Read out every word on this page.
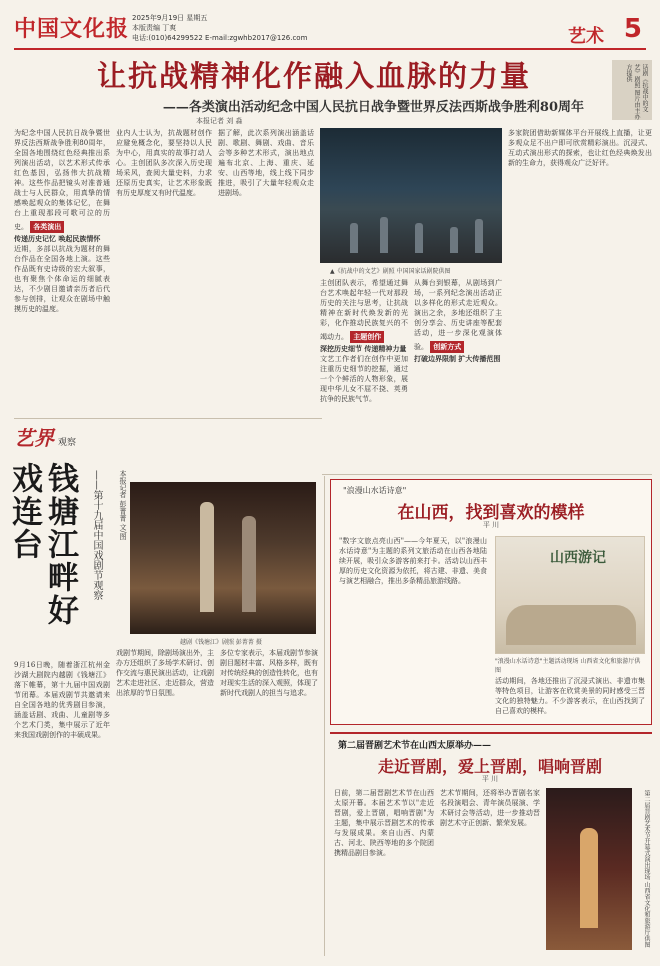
中国文化报 2025年9月19日 星期五
本版责编 丁爽
电话:(010)64299522 E-mail:zgwhb2017@126.com	艺术 5
让抗战精神化作融入血脉的力量
——各类演出活动纪念中国人民抗日战争暨世界反法西斯战争胜利80周年
本报记者 刘 淼
话剧《抗战中的文艺》剧照 图片由主办方提供
为纪念中国人民抗日战争暨世界反法西斯战争胜利80周年，全国各地围绕红色经典推出系列演出活动，以艺术形式传承红色基因，弘扬伟大抗战精神。这些作品把镜头对准普通战士与人民群众，用真挚的情感唤起观众的集体记忆，在舞台上重现那段可歌可泣的历史。 各类演出
传递历史记忆 唤起民族情怀
近期，多部以抗战为题材的舞台作品在全国各地上演。这些作品既有史诗级的宏大叙事，也有聚焦个体命运的细腻表达，不少剧目邀请亲历者后代参与创排，让观众在剧场中触摸历史的温度。
业内人士认为，抗战题材创作应避免概念化，要坚持以人民为中心，用真实的故事打动人心。主创团队多次深入历史现场采风，查阅大量史料，力求还原历史真实，让艺术形象既有历史厚度又有时代温度。
据了解，此次系列演出涵盖话剧、歌剧、舞剧、戏曲、音乐会等多种艺术形式，演出地点遍布北京、上海、重庆、延安、山西等地，线上线下同步推进，吸引了大量年轻观众走进剧场。
▲《抗战中的文艺》剧照 中国国家话剧院供图
主创团队表示，希望通过舞台艺术唤起年轻一代对那段历史的关注与思考，让抗战精神在新时代焕发新的光彩，化作推动民族复兴的不竭动力。 主题创作
深挖历史细节 传递精神力量
文艺工作者们在创作中更加注重历史细节的挖掘，通过一个个鲜活的人物形象，展现中华儿女不屈不挠、英勇抗争的民族气节。
从舞台到银幕，从剧场到广场，一系列纪念演出活动正以多样化的形式走近观众。演出之余，多地还组织了主创分享会、历史讲座等配套活动，进一步深化观演体验。 创新方式
打破边界限制 扩大传播范围
多家院团借助新媒体平台开展线上直播，让更多观众足不出户即可欣赏精彩演出。沉浸式、互动式演出形式的探索，也让红色经典焕发出新的生命力，获得观众广泛好评。
艺界 观察
钱塘江畔好戏连台	——第十九届中国戏剧节观察	本报记者 彭菁菁 文/图
越剧《钱塘江》剧照 彭菁菁 摄
9月16日晚，随着浙江杭州金沙湖大剧院内越剧《钱塘江》落下帷幕，第十九届中国戏剧节闭幕。本届戏剧节共邀请来自全国各地的优秀剧目参演，涵盖话剧、戏曲、儿童剧等多个艺术门类，集中展示了近年来我国戏剧创作的丰硕成果。
戏剧节期间，除剧场演出外，主办方还组织了多场学术研讨、创作交流与惠民演出活动，让戏剧艺术走进社区、走近群众，营造出浓厚的节日氛围。
多位专家表示，本届戏剧节参演剧目题材丰富、风格多样，既有对传统经典的创造性转化，也有对现实生活的深入观照，体现了新时代戏剧人的担当与追求。
"浪漫山水话诗意"
在山西，找到喜欢的模样
平 川
"数字文旅点亮山西"——今年夏天，以"浪漫山水话诗意"为主题的系列文旅活动在山西各地陆续开展，吸引众多游客前来打卡。活动以山西丰厚的历史文化资源为依托，将古建、非遗、美食与演艺相融合，推出多条精品旅游线路。
山西游记
"浪漫山水话诗意"主题活动现场 山西省文化和旅游厅供图
活动期间，各地还推出了沉浸式演出、非遗市集等特色项目，让游客在欣赏美景的同时感受三晋文化的独特魅力。不少游客表示，在山西找到了自己喜欢的模样。
第二届晋剧艺术节在山西太原举办——
走近晋剧，爱上晋剧，唱响晋剧
平 川
日前，第二届晋剧艺术节在山西太原开幕。本届艺术节以"走近晋剧，爱上晋剧，唱响晋剧"为主题，集中展示晋剧艺术的传承与发展成果。来自山西、内蒙古、河北、陕西等地的多个院团携精品剧目参演。
艺术节期间，还将举办晋剧名家名段演唱会、青年演员展演、学术研讨会等活动，进一步推动晋剧艺术守正创新、繁荣发展。	第二届晋剧艺术节开幕式演出现场 山西省文化和旅游厅供图
